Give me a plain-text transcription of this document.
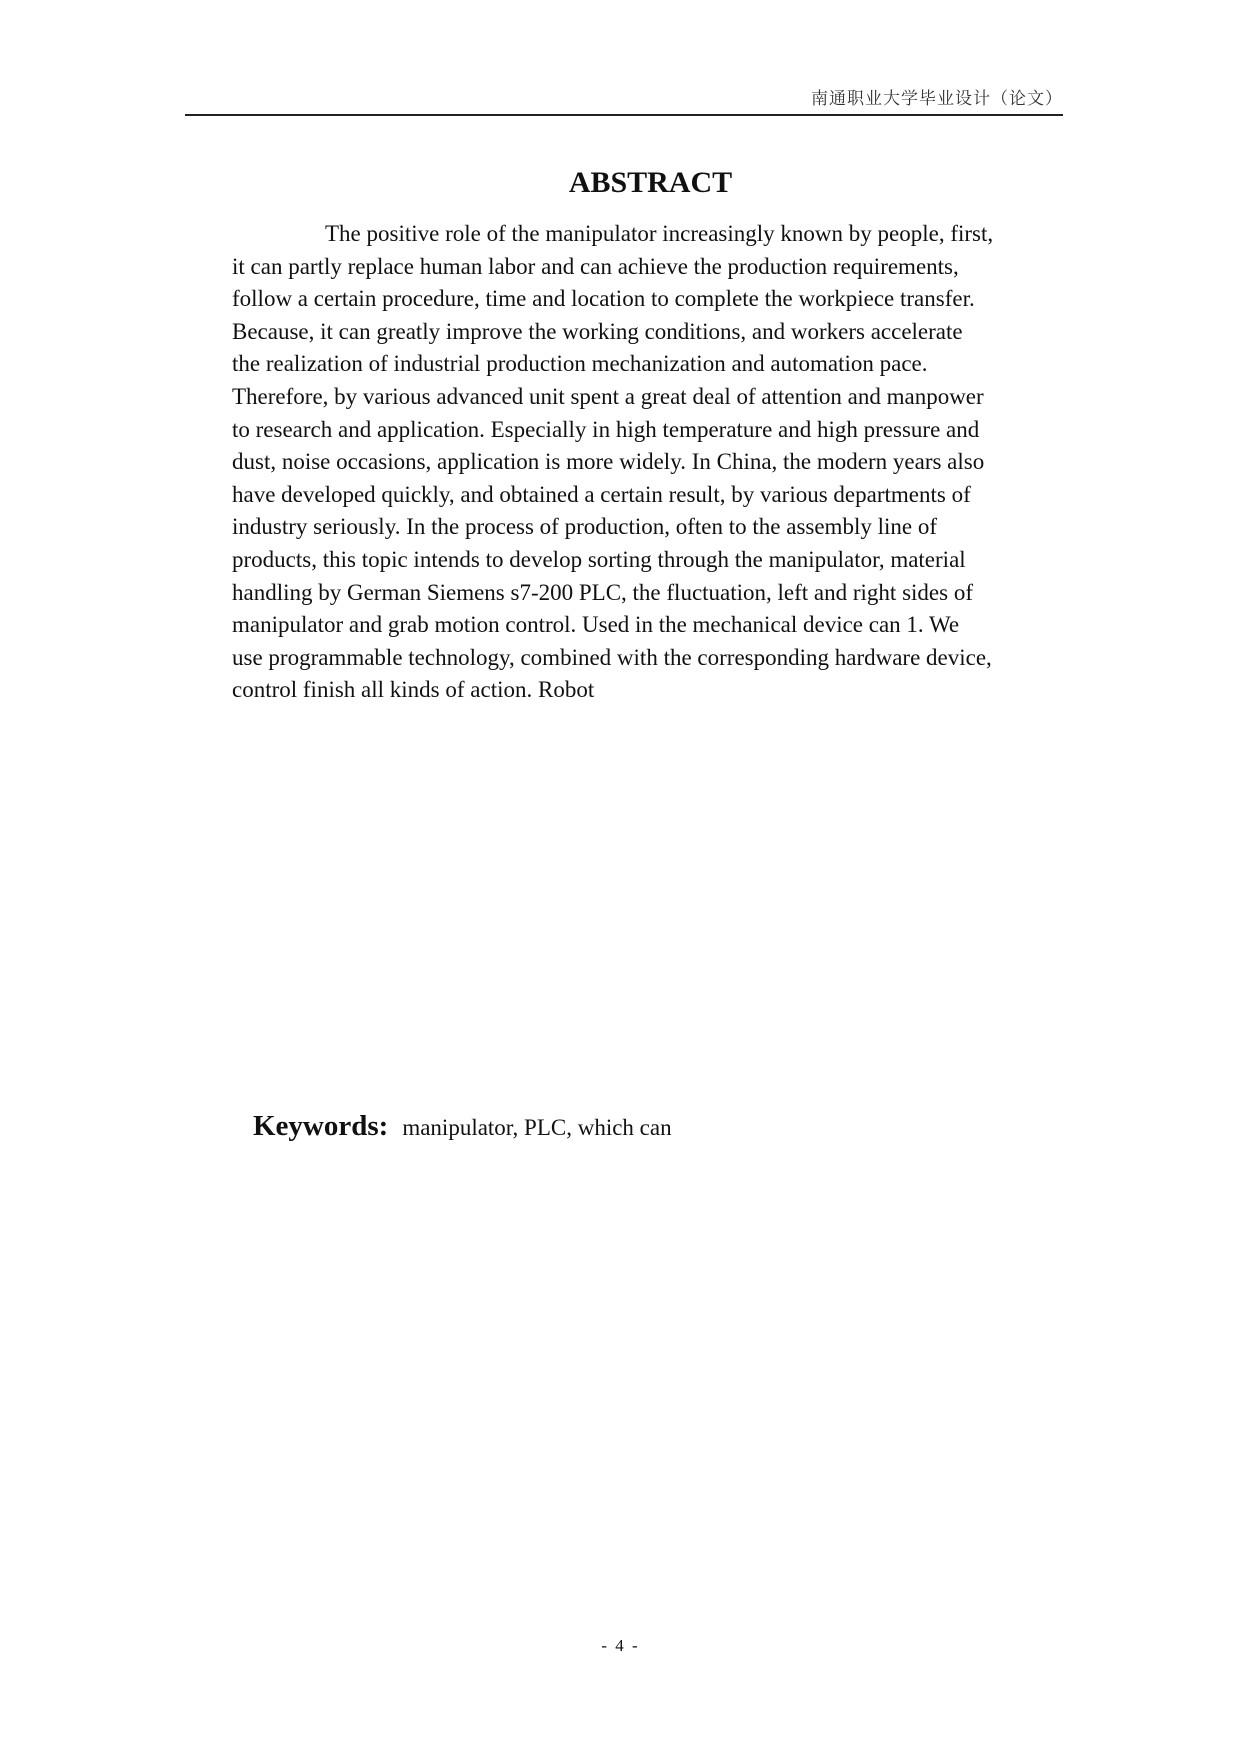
南通职业大学毕业设计（论文）
ABSTRACT
The positive role of the manipulator increasingly known by people, first,
it can partly replace human labor and can achieve the production requirements,
follow a certain procedure, time and location to complete the workpiece transfer.
Because, it can greatly improve the working conditions, and workers accelerate
the realization of industrial production mechanization and automation pace.
Therefore, by various advanced unit spent a great deal of attention and manpower
to research and application. Especially in high temperature and high pressure and
dust, noise occasions, application is more widely. In China, the modern years also
have developed quickly, and obtained a certain result, by various departments of
industry seriously. In the process of production, often to the assembly line of
products, this topic intends to develop sorting through the manipulator, material
handling by German Siemens s7-200 PLC, the fluctuation, left and right sides of
manipulator and grab motion control. Used in the mechanical device can 1. We
use programmable technology, combined with the corresponding hardware device,
control finish all kinds of action. Robot
Keywords: manipulator, PLC, which can
- 4 -
